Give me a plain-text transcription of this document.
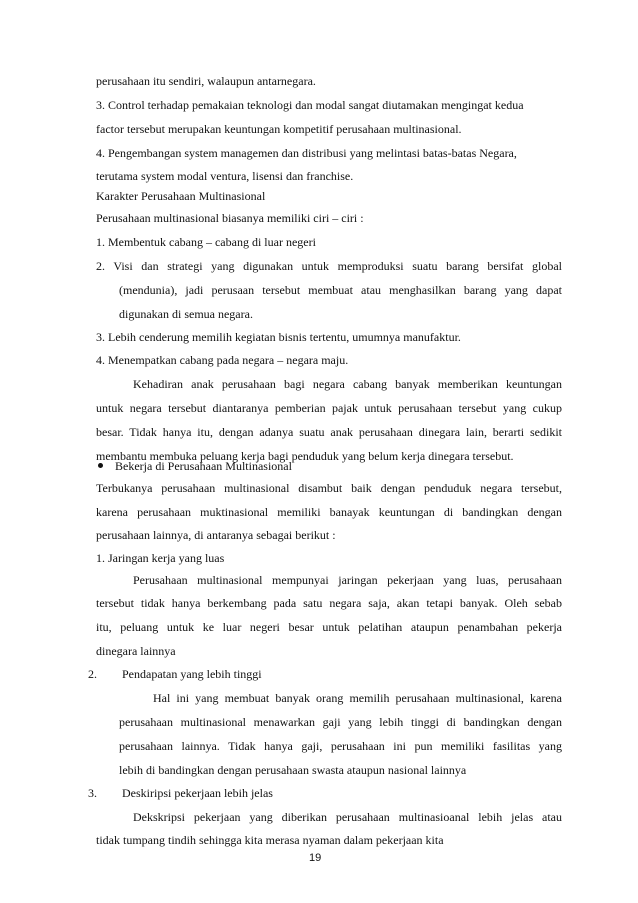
perusahaan itu sendiri, walaupun antarnegara.
3. Control terhadap pemakaian teknologi dan modal sangat diutamakan mengingat kedua
factor tersebut merupakan keuntungan kompetitif perusahaan multinasional.
4. Pengembangan system managemen dan distribusi yang melintasi batas-batas Negara,
terutama system modal ventura, lisensi dan franchise.
Karakter Perusahaan Multinasional
Perusahaan multinasional biasanya memiliki ciri – ciri :
1. Membentuk cabang – cabang di luar negeri
2. Visi dan strategi yang digunakan untuk memproduksi suatu barang bersifat global
(mendunia), jadi perusaan tersebut membuat atau menghasilkan barang yang dapat
digunakan di semua negara.
3. Lebih cenderung memilih kegiatan bisnis tertentu, umumnya manufaktur.
4. Menempatkan cabang pada negara – negara maju.
Kehadiran anak perusahaan bagi negara cabang banyak memberikan keuntungan
untuk negara tersebut diantaranya pemberian pajak untuk perusahaan tersebut yang cukup
besar. Tidak hanya itu, dengan adanya suatu anak perusahaan dinegara lain, berarti sedikit
membantu membuka peluang kerja bagi penduduk yang belum kerja dinegara tersebut.
Bekerja di Perusahaan Multinasional
Terbukanya perusahaan multinasional disambut baik dengan penduduk negara tersebut,
karena perusahaan muktinasional memiliki banayak keuntungan di bandingkan dengan
perusahaan lainnya, di antaranya sebagai berikut :
1. Jaringan kerja yang luas
Perusahaan multinasional mempunyai jaringan pekerjaan yang luas, perusahaan
tersebut tidak hanya berkembang pada satu negara saja, akan tetapi banyak. Oleh sebab
itu, peluang untuk ke luar negeri besar untuk pelatihan ataupun penambahan pekerja
dinegara lainnya
2. Pendapatan yang lebih tinggi
Hal ini yang membuat banyak orang memilih perusahaan multinasional, karena
perusahaan multinasional menawarkan gaji yang lebih tinggi di bandingkan dengan
perusahaan lainnya. Tidak hanya gaji, perusahaan ini pun memiliki fasilitas yang
lebih di bandingkan dengan perusahaan swasta ataupun nasional lainnya
3. Deskiripsi pekerjaan lebih jelas
Dekskripsi pekerjaan yang diberikan perusahaan multinasioanal lebih jelas atau
tidak tumpang tindih sehingga kita merasa nyaman dalam pekerjaan kita
19
